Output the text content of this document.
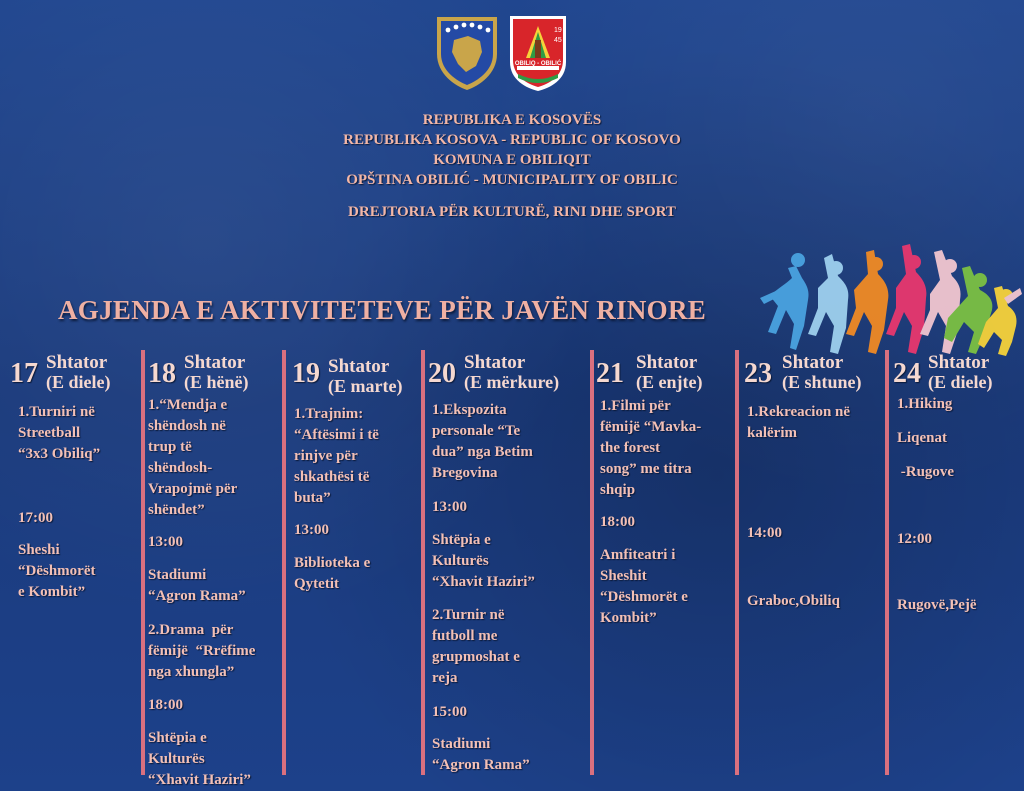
19
45
OBILIQ - OBILIĆ
REPUBLIKA E KOSOVËS
REPUBLIKA KOSOVA - REPUBLIC OF KOSOVO
KOMUNA E OBILIQIT
OPŠTINA OBILIĆ - MUNICIPALITY OF OBILIC
DREJTORIA PËR KULTURË, RINI DHE SPORT
AGJENDA E AKTIVITETEVE PËR JAVËN RINORE
17 Shtator
(E diele)
1.Turniri në
Streetball
“3x3 Obiliq”
17:00
Sheshi
“Dëshmorët
e Kombit”
18 Shtator
(E hënë)
1.“Mendja e
shëndosh në
trup të
shëndosh-
Vrapojmë për
shëndet”
13:00
Stadiumi
“Agron Rama”
2.Drama  për
fëmijë  “Rrëfime
nga xhungla”
18:00
Shtëpia e
Kulturës
“Xhavit Haziri”
19 Shtator
(E marte)
1.Trajnim:
“Aftësimi i të
rinjve për
shkathësi të
buta”
13:00
Biblioteka e
Qytetit
20 Shtator
(E mërkure)
1.Ekspozita
personale “Te
dua” nga Betim
Bregovina
13:00
Shtëpia e
Kulturës
“Xhavit Haziri”
2.Turnir në
futboll me
grupmoshat e
reja
15:00
Stadiumi
“Agron Rama”
21 Shtator
(E enjte)
1.Filmi për
fëmijë “Mavka-
the forest
song” me titra
shqip
18:00
Amfiteatri i
Sheshit
“Dëshmorët e
Kombit”
23 Shtator
(E shtune)
1.Rekreacion në
kalërim
14:00
Graboc,Obiliq
24 Shtator
(E diele)
1.Hiking
Liqenat
-Rugove
12:00
Rugovë,Pejë
